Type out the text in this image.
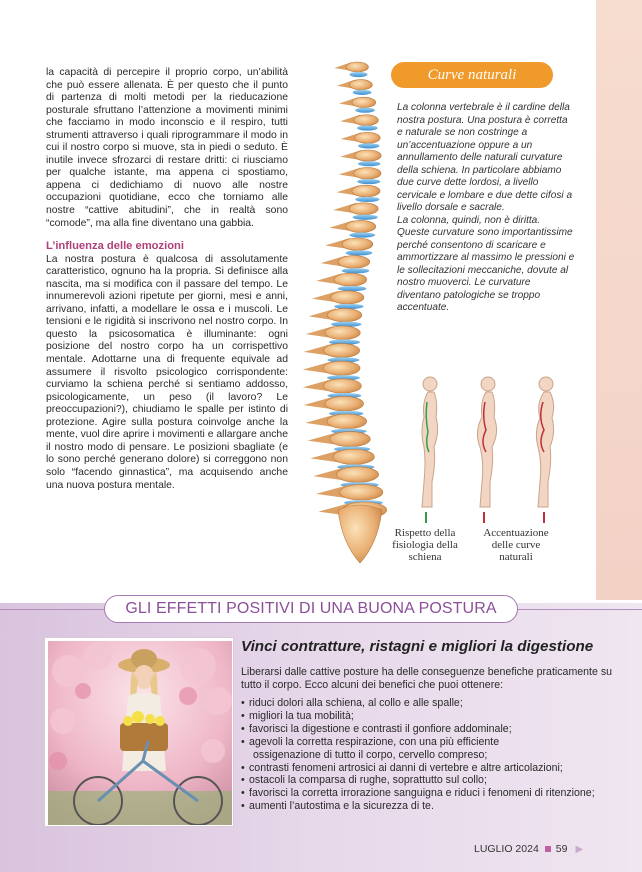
la capacità di percepire il proprio corpo, un’abilità che può essere allenata. È per questo che il punto di partenza di molti metodi per la rieducazione posturale sfruttano l’attenzione a movimenti minimi che facciamo in modo inconscio e il respiro, tutti strumenti attraverso i quali riprogrammare il modo in cui il nostro corpo si muove, sta in piedi o seduto. È inutile invece sfrozarci di restare dritti: ci riusciamo per qualche istante, ma appena ci spostiamo, appena ci dedichiamo di nuovo alle nostre occupazioni quotidiane, ecco che torniamo alle nostre “cattive abitudini”, che in realtà sono “comode”, ma alla fine diventano una gabbia.

L’influenza delle emozioni

La nostra postura è qualcosa di assolutamente caratteristico, ognuno ha la propria. Si definisce alla nascita, ma si modifica con il passare del tempo. Le innumerevoli azioni ripetute per giorni, mesi e anni, arrivano, infatti, a modellare le ossa e i muscoli. Le tensioni e le rigidità si inscrivono nel nostro corpo. In questo la psicosomatica è illuminante: ogni posizione del nostro corpo ha un corrispettivo mentale. Adottarne una di frequente equivale ad assumere il risvolto psicologico corrispondente: curviamo la schiena perché si sentiamo addosso, psicologicamente, un peso (il lavoro? Le preoccupazioni?), chiudiamo le spalle per istinto di protezione. Agire sulla postura coinvolge anche la mente, vuol dire aprire i movimenti e allargare anche il nostro modo di pensare. Le posizioni sbagliate (e lo sono perché generano dolore) si correggono non solo “facendo ginnastica”, ma acquisendo anche una nuova postura mentale.

Curve naturali

La colonna vertebrale è il cardine della nostra postura. Una postura è corretta e naturale se non costringe a un’accentuazione oppure a un annullamento delle naturali curvature della schiena. In particolare abbiamo due curve dette lordosi, a livello cervicale e lombare e due dette cifosi a livello dorsale e sacrale.

La colonna, quindi, non è diritta. Queste curvature sono importantissime perché consentono di scaricare e ammortizzare al massimo le pressioni e le sollecitazioni meccaniche, dovute al nostro muoverci. Le curvature diventano patologiche se troppo accentuate.

Rispetto della fisiologia della schiena
Accentuazione delle curve naturali
GLI EFFETTI POSITIVI DI UNA BUONA POSTURA
Vinci contratture, ristagni e migliori la digestione
Liberarsi dalle cattive posture ha delle conseguenze benefiche praticamente su tutto il corpo. Ecco alcuni dei benefici che puoi ottenere:
• riduci dolori alla schiena, al collo e alle spalle;
• migliori la tua mobilità;
• favorisci la digestione e contrasti il gonfiore addominale;
• agevoli la corretta respirazione, con una più efficiente
ossigenazione di tutto il corpo, cervello compreso;
• contrasti fenomeni artrosici ai danni di vertebre e altre articolazioni;
• ostacoli la comparsa di rughe, soprattutto sul collo;
• favorisci la corretta irrorazione sanguigna e riduci i fenomeni di ritenzione;
• aumenti l’autostima e la sicurezza di te.
LUGLIO 2024 59 ▶
